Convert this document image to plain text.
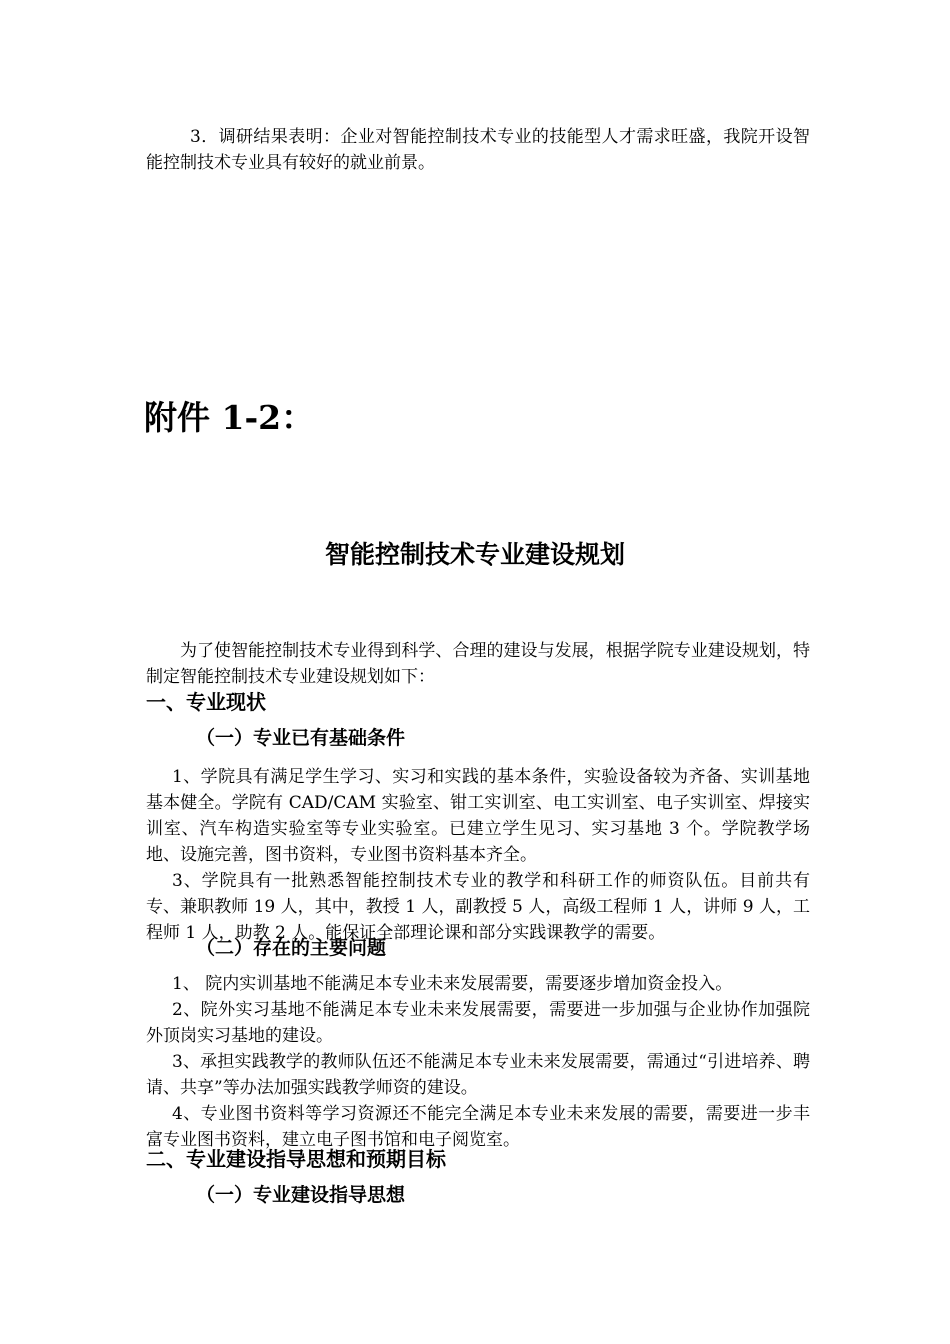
3．调研结果表明：企业对智能控制技术专业的技能型人才需求旺盛，我院开设智能控制技术专业具有较好的就业前景。

附件 1-2：
智能控制技术专业建设规划

为了使智能控制技术专业得到科学、合理的建设与发展，根据学院专业建设规划，特制定智能控制技术专业建设规划如下：

一、专业现状
（一）专业已有基础条件

1、学院具有满足学生学习、实习和实践的基本条件，实验设备较为齐备、实训基地基本健全。学院有 CAD/CAM 实验室、钳工实训室、电工实训室、电子实训室、焊接实训室、汽车构造实验室等专业实验室。已建立学生见习、实习基地 3 个。学院教学场地、设施完善，图书资料，专业图书资料基本齐全。

3、学院具有一批熟悉智能控制技术专业的教学和科研工作的师资队伍。目前共有专、兼职教师 19 人，其中，教授 1 人，副教授 5 人，高级工程师 1 人，讲师 9 人，工程师 1 人，助教 2 人。能保证全部理论课和部分实践课教学的需要。

（二）存在的主要问题

1、 院内实训基地不能满足本专业未来发展需要，需要逐步增加资金投入。

2、院外实习基地不能满足本专业未来发展需要，需要进一步加强与企业协作加强院外顶岗实习基地的建设。

3、承担实践教学的教师队伍还不能满足本专业未来发展需要，需通过“引进培养、聘请、共享”等办法加强实践教学师资的建设。

4、专业图书资料等学习资源还不能完全满足本专业未来发展的需要，需要进一步丰富专业图书资料，建立电子图书馆和电子阅览室。

二、专业建设指导思想和预期目标
（一）专业建设指导思想
